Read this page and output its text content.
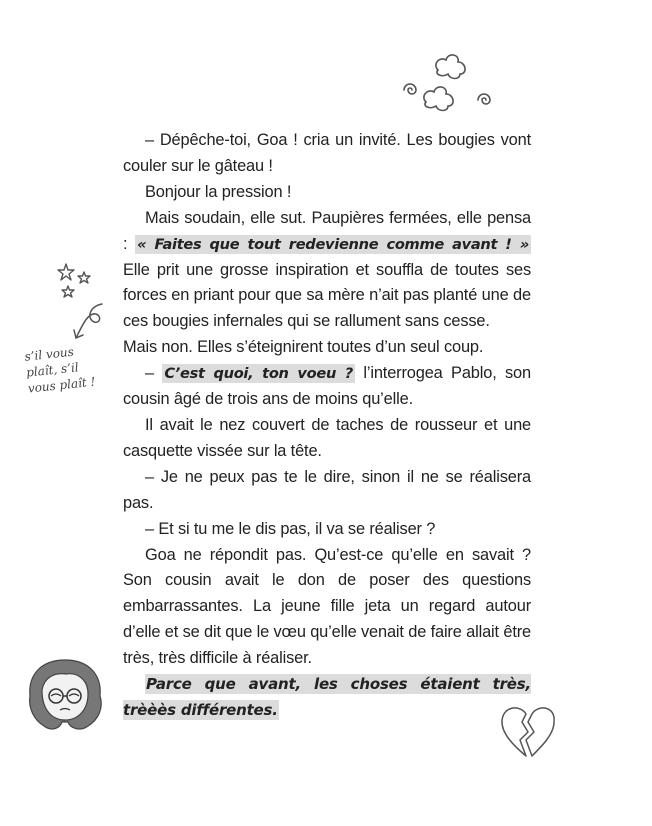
s’il vous
plaît, s’il
vous plaît !

– Dépêche-toi, Goa ! cria un invité. Les bougies vont couler sur le gâteau !

Bonjour la pression !

Mais soudain, elle sut. Paupières fermées, elle pensa : « Faites que tout redevienne comme avant ! » Elle prit une grosse inspiration et souffla de toutes ses forces en priant pour que sa mère n’ait pas planté une de ces bougies infernales qui se rallument sans cesse.

Mais non. Elles s’éteignirent toutes d’un seul coup.

– C’est quoi, ton voeu ? l’interrogea Pablo, son cousin âgé de trois ans de moins qu’elle.

Il avait le nez couvert de taches de rousseur et une casquette vissée sur la tête.

– Je ne peux pas te le dire, sinon il ne se réalisera pas.

– Et si tu me le dis pas, il va se réaliser ?

Goa ne répondit pas. Qu’est-ce qu’elle en savait ? Son cousin avait le don de poser des questions embarrassantes. La jeune fille jeta un regard autour d’elle et se dit que le vœu qu’elle venait de faire allait être très, très difficile à réaliser.

Parce que avant, les choses étaient très, trèèès différentes.
